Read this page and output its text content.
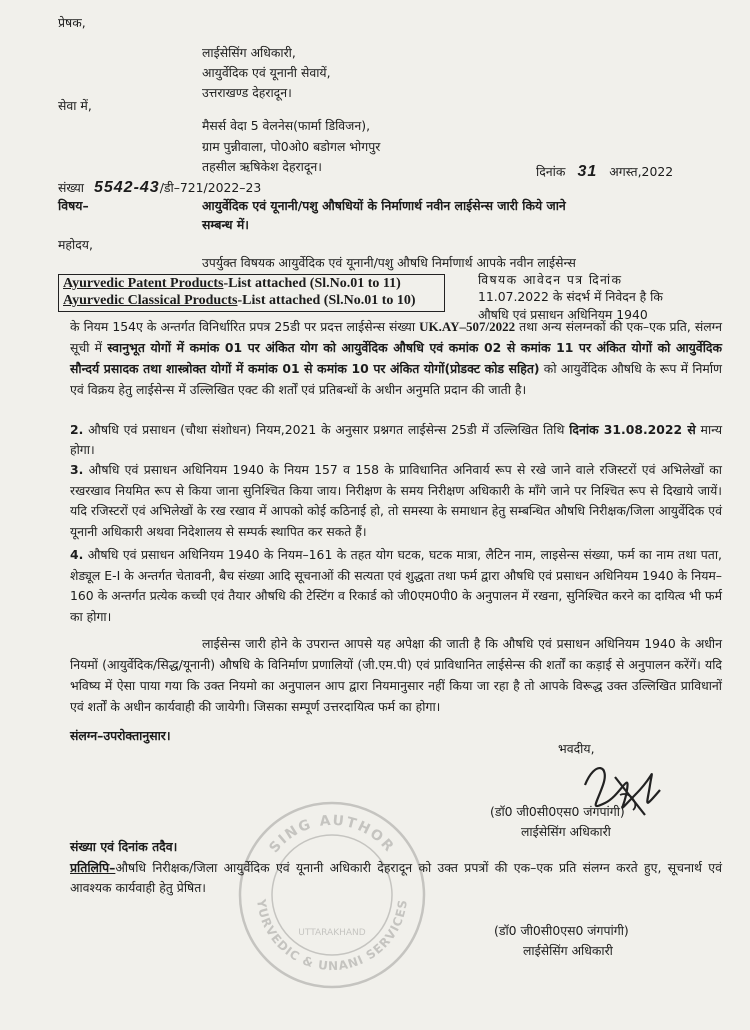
प्रेषक,
लाईसेसिंग अधिकारी,
आयुर्वेदिक एवं यूनानी सेवायें,
उत्तराखण्ड देहरादून।
सेवा में,
मैसर्स वेदा 5 वेलनेस(फार्मा डिविजन),
ग्राम पुन्नीवाला, पो0ओ0 बडोगल भोगपुर
तहसील ऋषिकेश देहरादून।	दिनांक 31 अगस्त,2022
संख्या 5542-43/डी–721/2022–23
विषय–	आयुर्वेदिक एवं यूनानी/पशु औषधियों के निर्माणार्थ नवीन लाईसेन्स जारी किये जाने
सम्बन्ध में।
महोदय,
उपर्युक्त विषयक आयुर्वेदिक एवं यूनानी/पशु औषधि निर्माणार्थ आपके नवीन लाईसेन्स
विषयक आवेदन पत्र दिनांक
11.07.2022 के संदर्भ में निवेदन है कि
औषधि एवं प्रसाधन अधिनियम 1940
Ayurvedic Patent Products-List attached (Sl.No.01 to 11)
Ayurvedic Classical Products-List attached (Sl.No.01 to 10)
के नियम 154ए के अन्तर्गत विनिर्धारित प्रपत्र 25डी पर प्रदत्त लाईसेन्स संख्या UK.AY–507/2022 तथा अन्य संलग्नकों की एक–एक प्रति, संलग्न सूची में स्वानुभूत योगों में कमांक 01 पर अंकित योग को आयुर्वेदिक औषधि एवं कमांक 02 से कमांक 11 पर अंकित योगों को आयुर्वेदिक सौन्दर्य प्रसादक तथा शास्त्रोक्त योगों में कमांक 01 से कमांक 10 पर अंकित योगों(प्रोडक्ट कोड सहित) को आयुर्वेदिक औषधि के रूप में निर्माण एवं विक्रय हेतु लाईसेन्स में उल्लिखित एक्ट की शर्तों एवं प्रतिबन्धों के अधीन अनुमति प्रदान की जाती है।
2. औषधि एवं प्रसाधन (चौथा संशोधन) नियम,2021 के अनुसार प्रश्नगत लाईसेन्स 25डी में उल्लिखित तिथि दिनांक 31.08.2022 से मान्य होगा।
3. औषधि एवं प्रसाधन अधिनियम 1940 के नियम 157 व 158 के प्राविधानित अनिवार्य रूप से रखे जाने वाले रजिस्टरों एवं अभिलेखों का रखरखाव नियमित रूप से किया जाना सुनिश्चित किया जाय। निरीक्षण के समय निरीक्षण अधिकारी के माँगे जाने पर निश्चित रूप से दिखाये जायें। यदि रजिस्टरों एवं अभिलेखों के रख रखाव में आपको कोई कठिनाई हो, तो समस्या के समाधान हेतु सम्बन्धित औषधि निरीक्षक/जिला आयुर्वेदिक एवं यूनानी अधिकारी अथवा निदेशालय से सम्पर्क स्थापित कर सकते हैं।
4. औषधि एवं प्रसाधन अधिनियम 1940 के नियम–161 के तहत योग घटक, घटक मात्रा, लैटिन नाम, लाइसेन्स संख्या, फर्म का नाम तथा पता, शेड्यूल E-I के अन्तर्गत चेतावनी, बैच संख्या आदि सूचनाओं की सत्यता एवं शुद्धता तथा फर्म द्वारा औषधि एवं प्रसाधन अधिनियम 1940 के नियम–160 के अन्तर्गत प्रत्येक कच्ची एवं तैयार औषधि की टेस्टिंग व रिकार्ड को जी0एम0पी0 के अनुपालन में रखना, सुनिश्चित करने का दायित्व भी फर्म का होगा।
लाईसेन्स जारी होने के उपरान्त आपसे यह अपेक्षा की जाती है कि औषधि एवं प्रसाधन अधिनियम 1940 के अधीन नियमों (आयुर्वेदिक/सिद्ध/यूनानी) औषधि के विनिर्माण प्रणालियों (जी.एम.पी) एवं प्राविधानित लाईसेन्स की शर्तों का कड़ाई से अनुपालन करेंगें। यदि भविष्य में ऐसा पाया गया कि उक्त नियमो का अनुपालन आप द्वारा नियमानुसार नहीं किया जा रहा है तो आपके विरूद्ध उक्त उल्लिखित प्राविधानों एवं शर्तों के अधीन कार्यवाही की जायेगी। जिसका सम्पूर्ण उत्तरदायित्व फर्म का होगा।
संलग्न–उपरोक्तानुसार।
भवदीय,
(डॉ0 जी0सी0एस0 जंगपांगी)
लाईसेसिंग अधिकारी
SING AUTHOR
YURVEDIC & UNANI SERVICES
UTTARAKHAND
संख्या एवं दिनांक तदैव।
प्रतिलिपि–औषधि निरीक्षक/जिला आयुर्वेदिक एवं यूनानी अधिकारी देहरादून को उक्त प्रपत्रों की एक–एक प्रति संलग्न करते हुए, सूचनार्थ एवं आवश्यक कार्यवाही हेतु प्रेषित।
(डॉ0 जी0सी0एस0 जंगपांगी)
लाईसेसिंग अधिकारी
